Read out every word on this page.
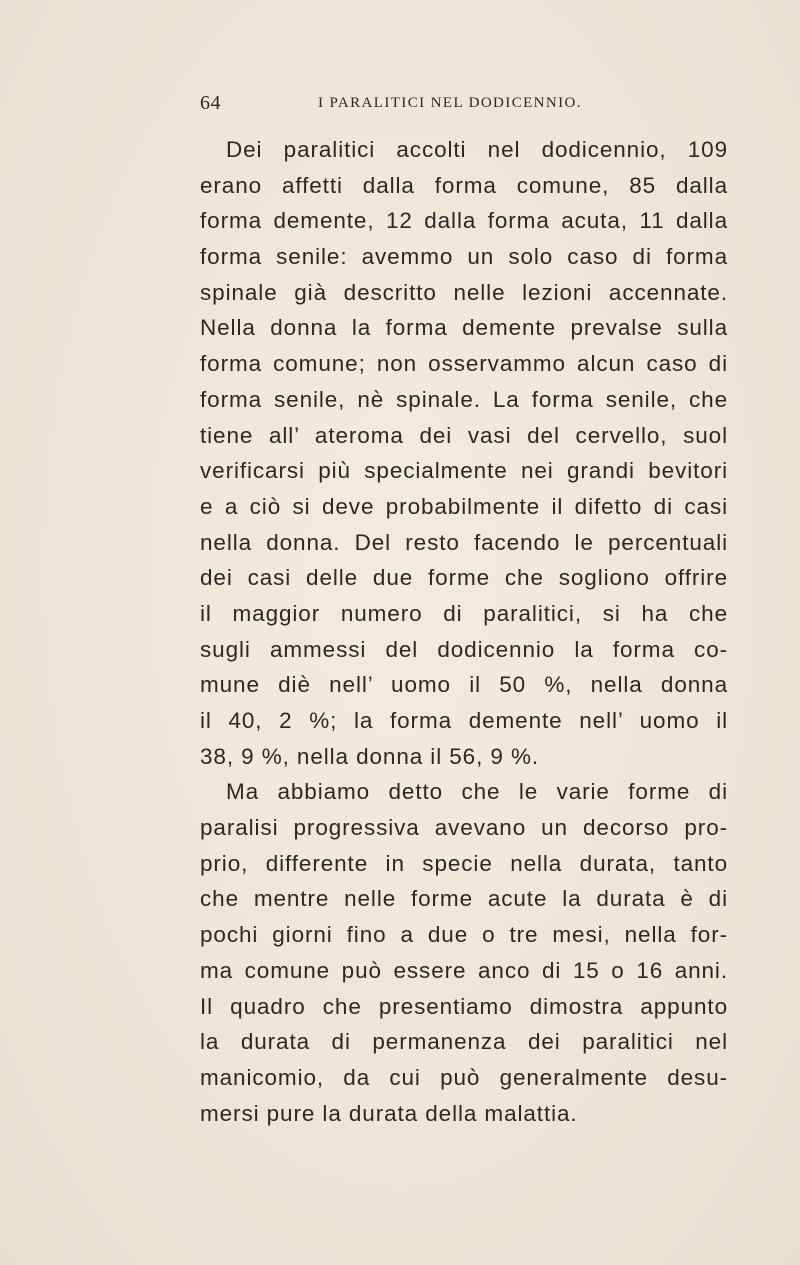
64	I PARALITICI NEL DODICENNIO.
Dei paralitici accolti nel dodicennio, 109
erano affetti dalla forma comune, 85 dalla
forma demente, 12 dalla forma acuta, 11 dalla
forma senile: avemmo un solo caso di forma
spinale già descritto nelle lezioni accennate.
Nella donna la forma demente prevalse sulla
forma comune; non osservammo alcun caso di
forma senile, nè spinale. La forma senile, che
tiene all’ ateroma dei vasi del cervello, suol
verificarsi più specialmente nei grandi bevitori
e a ciò si deve probabilmente il difetto di casi
nella donna. Del resto facendo le percentuali
dei casi delle due forme che sogliono offrire
il maggior numero di paralitici, si ha che
sugli ammessi del dodicennio la forma co-
mune diè nell’ uomo il 50 %, nella donna
il 40, 2 %; la forma demente nell’ uomo il
38, 9 %, nella donna il 56, 9 %.
Ma abbiamo detto che le varie forme di
paralisi progressiva avevano un decorso pro-
prio, differente in specie nella durata, tanto
che mentre nelle forme acute la durata è di
pochi giorni fino a due o tre mesi, nella for-
ma comune può essere anco di 15 o 16 anni.
Il quadro che presentiamo dimostra appunto
la durata di permanenza dei paralitici nel
manicomio, da cui può generalmente desu-
mersi pure la durata della malattia.
